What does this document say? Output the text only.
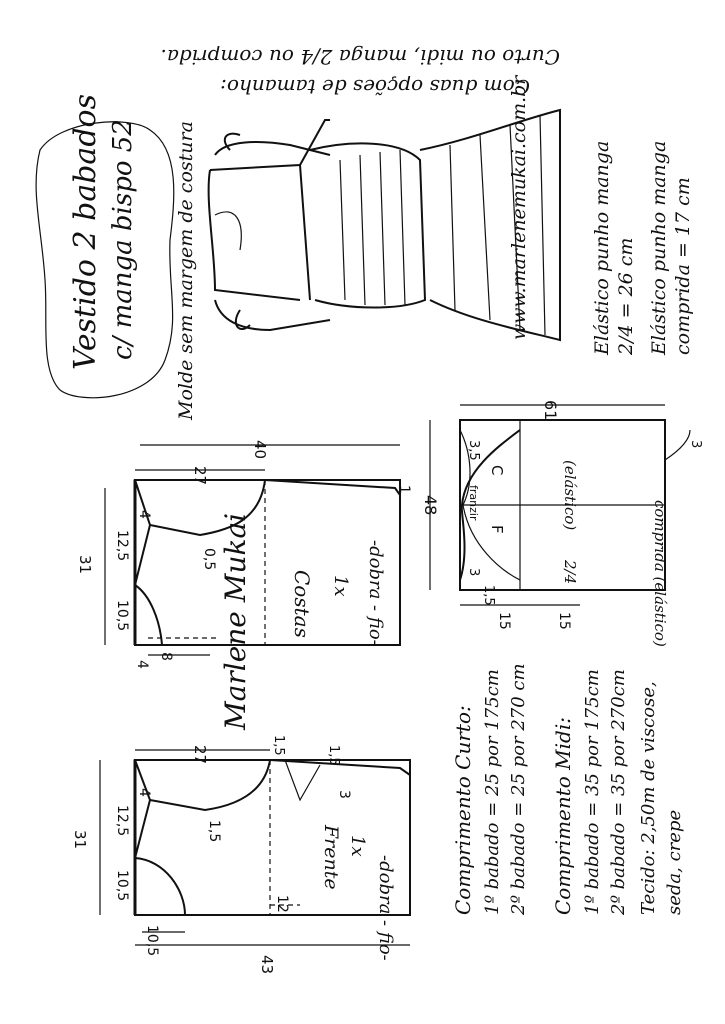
Vestido 2 babados c/ manga bispo 52 Molde sem margem de costura
Com duas opções de tamanho:
Curto ou midi, manga 2/4 ou comprida.
www.marlenemukai.com.br	Elástico punho manga 2/4 = 26 cm Elástico punho manga comprida = 17 cm
40
27
31
12,5
10,5
8
4
4
0,5
1
Costas 1x -dobra - fio-
43
27
31
12,5
10,5
10,5
4
1,5	1,5
3
12
1,5	Frente 1x
-dobra - fio-
Marlene Mukai
61
48
3,5
3
1,5
15	15
F
C
franzir
2/4
(elástico)
comprida (elástico)
3
Comprimento Curto: 1º babado = 25 por 175cm 2º babado = 25 por 270 cm Comprimento Midi: 1º babado = 35 por 175cm 2º babado = 35 por 270cm Tecido: 2,50m de viscose, seda, crepe
